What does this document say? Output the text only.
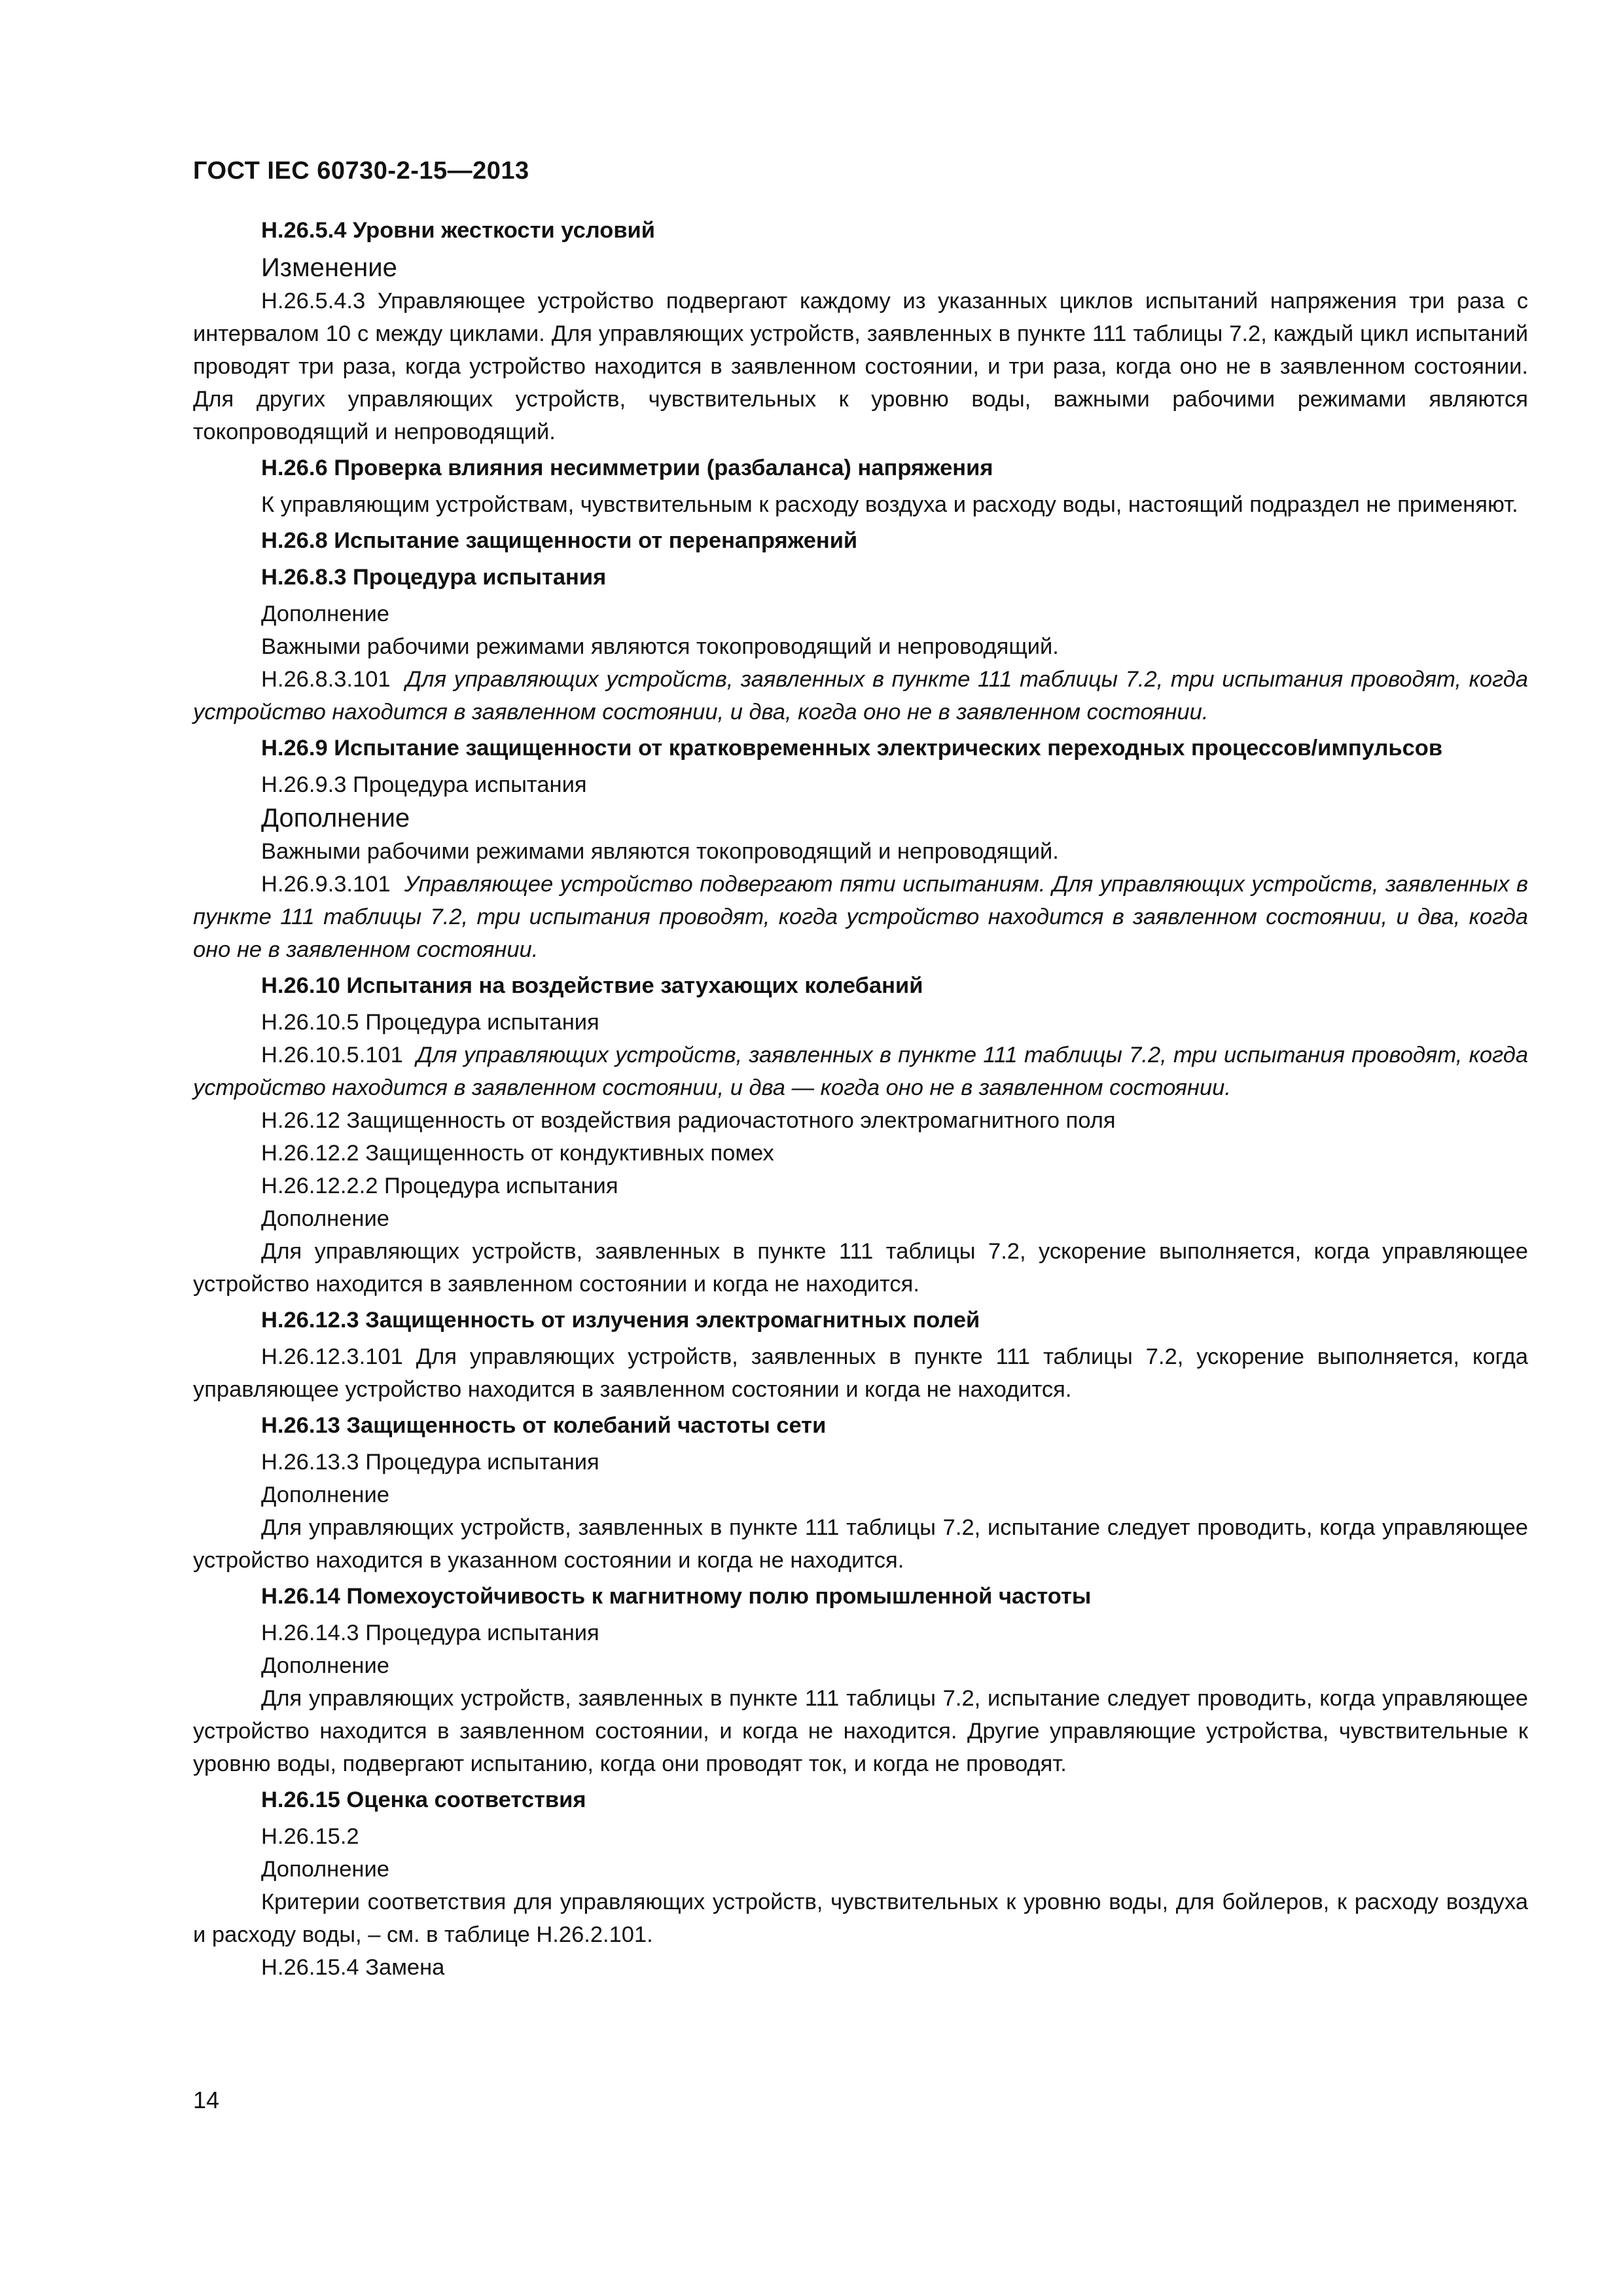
ГОСТ IEC 60730-2-15—2013
H.26.5.4 Уровни жесткости условий
Изменение
H.26.5.4.3 Управляющее устройство подвергают каждому из указанных циклов испытаний напряжения три раза с интервалом 10 с между циклами. Для управляющих устройств, заявленных в пункте 111 таблицы 7.2, каждый цикл испытаний проводят три раза, когда устройство находится в заявленном состоянии, и три раза, когда оно не в заявленном состоянии. Для других управляющих устройств, чувствительных к уровню воды, важными рабочими режимами являются токопроводящий и непроводящий.
H.26.6 Проверка влияния несимметрии (разбаланса) напряжения
К управляющим устройствам, чувствительным к расходу воздуха и расходу воды, настоящий подраздел не применяют.
H.26.8 Испытание защищенности от перенапряжений
H.26.8.3 Процедура испытания
Дополнение
Важными рабочими режимами являются токопроводящий и непроводящий.
H.26.8.3.101 Для управляющих устройств, заявленных в пункте 111 таблицы 7.2, три испытания проводят, когда устройство находится в заявленном состоянии, и два, когда оно не в заявленном состоянии.
H.26.9 Испытание защищенности от кратковременных электрических переходных процессов/импульсов
H.26.9.3 Процедура испытания
Дополнение
Важными рабочими режимами являются токопроводящий и непроводящий.
H.26.9.3.101 Управляющее устройство подвергают пяти испытаниям. Для управляющих устройств, заявленных в пункте 111 таблицы 7.2, три испытания проводят, когда устройство находится в заявленном состоянии, и два, когда оно не в заявленном состоянии.
H.26.10 Испытания на воздействие затухающих колебаний
H.26.10.5 Процедура испытания
H.26.10.5.101 Для управляющих устройств, заявленных в пункте 111 таблицы 7.2, три испытания проводят, когда устройство находится в заявленном состоянии, и два — когда оно не в заявленном состоянии.
H.26.12 Защищенность от воздействия радиочастотного электромагнитного поля
H.26.12.2 Защищенность от кондуктивных помех
H.26.12.2.2 Процедура испытания
Дополнение
Для управляющих устройств, заявленных в пункте 111 таблицы 7.2, ускорение выполняется, когда управляющее устройство находится в заявленном состоянии и когда не находится.
H.26.12.3 Защищенность от излучения электромагнитных полей
H.26.12.3.101 Для управляющих устройств, заявленных в пункте 111 таблицы 7.2, ускорение выполняется, когда управляющее устройство находится в заявленном состоянии и когда не находится.
H.26.13 Защищенность от колебаний частоты сети
H.26.13.3 Процедура испытания
Дополнение
Для управляющих устройств, заявленных в пункте 111 таблицы 7.2, испытание следует проводить, когда управляющее устройство находится в указанном состоянии и когда не находится.
H.26.14 Помехоустойчивость к магнитному полю промышленной частоты
H.26.14.3 Процедура испытания
Дополнение
Для управляющих устройств, заявленных в пункте 111 таблицы 7.2, испытание следует проводить, когда управляющее устройство находится в заявленном состоянии, и когда не находится. Другие управляющие устройства, чувствительные к уровню воды, подвергают испытанию, когда они проводят ток, и когда не проводят.
H.26.15 Оценка соответствия
H.26.15.2
Дополнение
Критерии соответствия для управляющих устройств, чувствительных к уровню воды, для бойлеров, к расходу воздуха и расходу воды, – см. в таблице H.26.2.101.
H.26.15.4 Замена
14
